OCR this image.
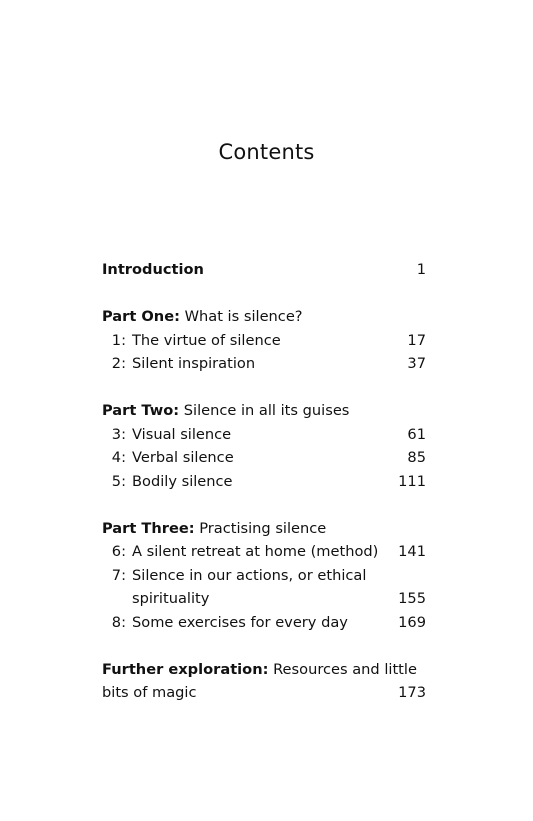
Contents
Introduction	1
Part One: What is silence?
1: The virtue of silence	17
2: Silent inspiration	37
Part Two: Silence in all its guises
3: Visual silence	61
4: Verbal silence	85
5: Bodily silence	111
Part Three: Practising silence
6: A silent retreat at home (method) 141
7: Silence in our actions, or ethical
spirituality	155
8: Some exercises for every day	169
Further exploration: Resources and little
bits of magic	173
